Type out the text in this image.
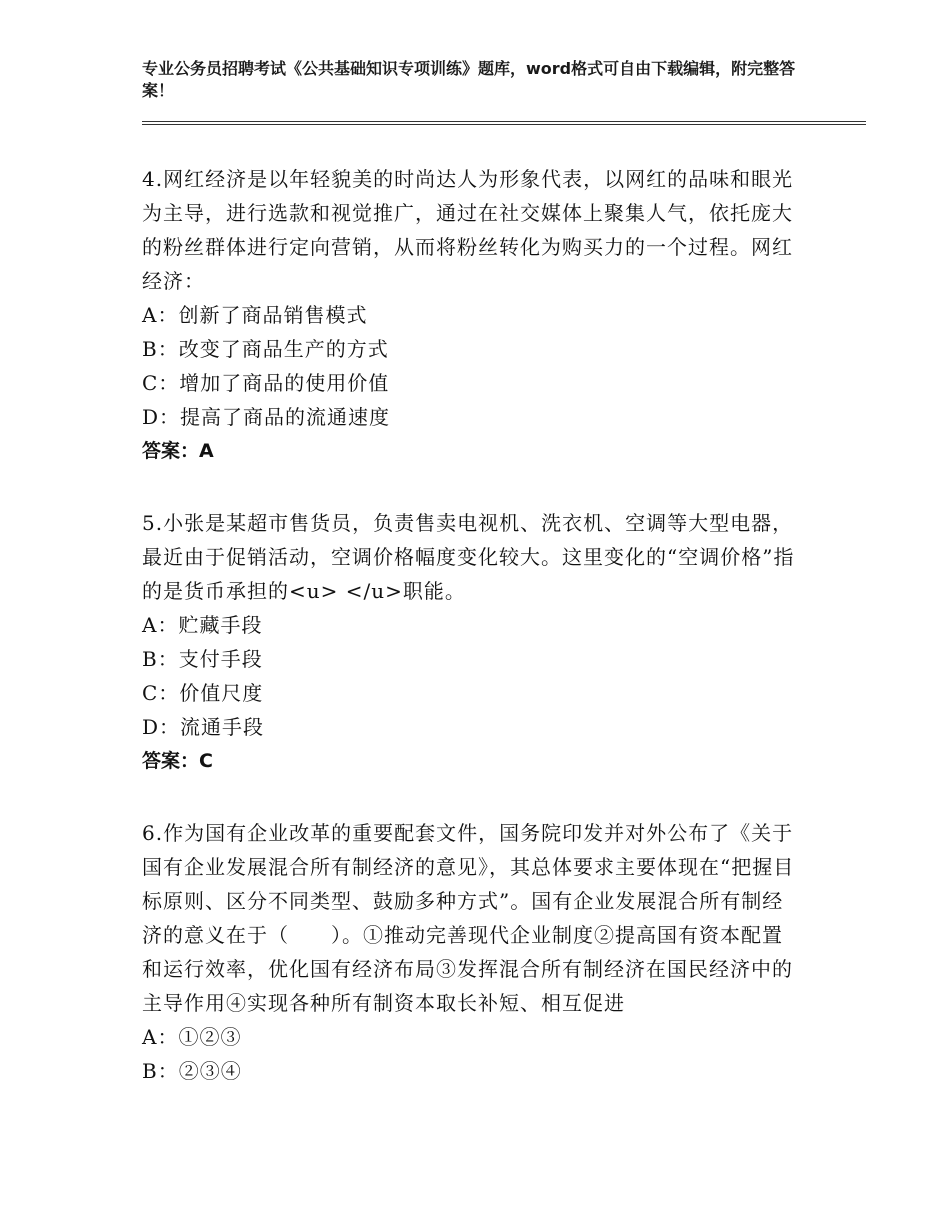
专业公务员招聘考试《公共基础知识专项训练》题库，word格式可自由下载编辑，附完整答案！
4.网红经济是以年轻貌美的时尚达人为形象代表，以网红的品味和眼光为主导，进行选款和视觉推广，通过在社交媒体上聚集人气，依托庞大的粉丝群体进行定向营销，从而将粉丝转化为购买力的一个过程。网红经济：
A：创新了商品销售模式
B：改变了商品生产的方式
C：增加了商品的使用价值
D：提高了商品的流通速度
答案：A
5.小张是某超市售货员，负责售卖电视机、洗衣机、空调等大型电器，最近由于促销活动，空调价格幅度变化较大。这里变化的“空调价格”指的是货币承担的<u> </u>职能。
A：贮藏手段
B：支付手段
C：价值尺度
D：流通手段
答案：C
6.作为国有企业改革的重要配套文件，国务院印发并对外公布了《关于国有企业发展混合所有制经济的意见》，其总体要求主要体现在“把握目标原则、区分不同类型、鼓励多种方式”。国有企业发展混合所有制经济的意义在于（　　）。①推动完善现代企业制度②提高国有资本配置和运行效率，优化国有经济布局③发挥混合所有制经济在国民经济中的主导作用④实现各种所有制资本取长补短、相互促进
A：①②③
B：②③④
